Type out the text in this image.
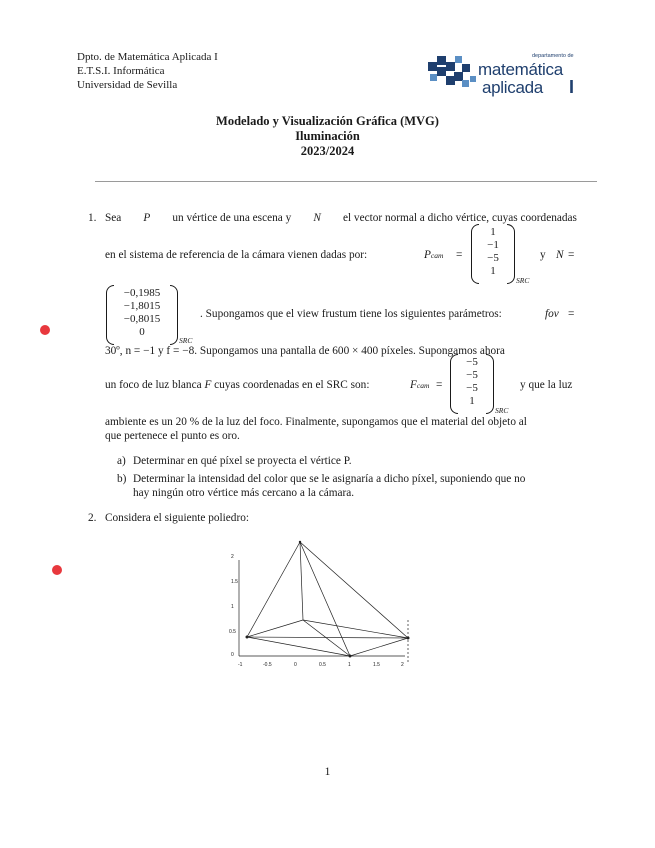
Dpto. de Matemática Aplicada I
E.T.S.I. Informática
Universidad de Sevilla
departamento de
matemática
aplicada I
Modelado y Visualización Gráfica (MVG)
Iluminación
2023/2024
1. Sea P un vértice de una escena y N el vector normal a dicho vértice, cuyas coordenadas
en el sistema de referencia de la cámara vienen dadas por:	Pcam =
1
−1
−5
1
SRC
y N =
−0,1985
−1,8015
−0,8015
0
SRC
. Supongamos que el view frustum tiene los siguientes parámetros:	fov =
30º, n = −1 y f = −8. Supongamos una pantalla de 600 × 400 píxeles. Supongamos ahora
un foco de luz blanca F cuyas coordenadas en el SRC son:	Fcam =
−5
−5
−5
1
SRC
y que la luz
ambiente es un 20 % de la luz del foco. Finalmente, supongamos que el material del objeto al
que pertenece el punto es oro.
a) Determinar en qué píxel se proyecta el vértice P.
b) Determinar la intensidad del color que se le asignaría a dicho píxel, suponiendo que no
hay ningún otro vértice más cercano a la cámara.
2. Considera el siguiente poliedro:
2
1.5
1
0.5
0
-1	-0.5	0	0.5	1	1.5	2
1
